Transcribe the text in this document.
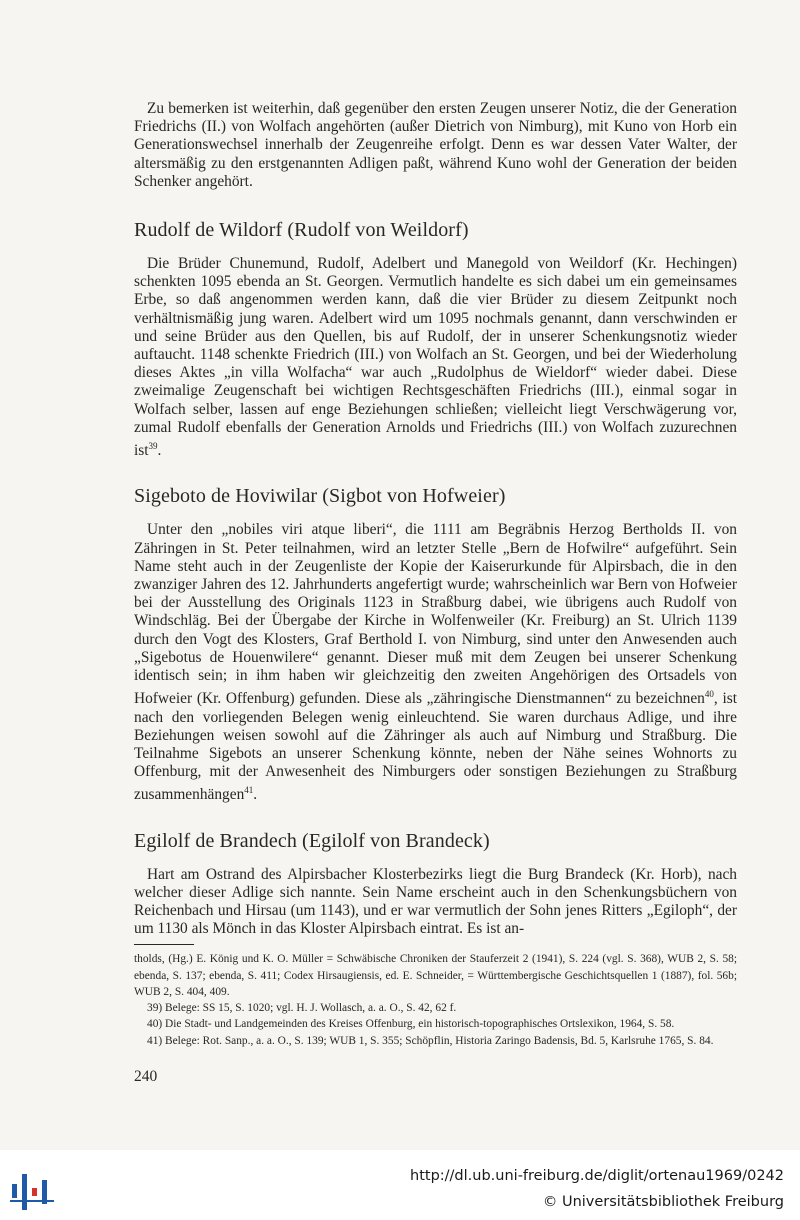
Zu bemerken ist weiterhin, daß gegenüber den ersten Zeugen unserer Notiz, die der Generation Friedrichs (II.) von Wolfach angehörten (außer Dietrich von Nimburg), mit Kuno von Horb ein Generationswechsel innerhalb der Zeugenreihe erfolgt. Denn es war dessen Vater Walter, der altersmäßig zu den erstgenannten Adligen paßt, während Kuno wohl der Generation der beiden Schenker angehört.

Rudolf de Wildorf (Rudolf von Weildorf)

Die Brüder Chunemund, Rudolf, Adelbert und Manegold von Weildorf (Kr. Hechingen) schenkten 1095 ebenda an St. Georgen. Vermutlich handelte es sich dabei um ein gemeinsames Erbe, so daß angenommen werden kann, daß die vier Brüder zu diesem Zeitpunkt noch verhältnismäßig jung waren. Adelbert wird um 1095 nochmals genannt, dann verschwinden er und seine Brüder aus den Quellen, bis auf Rudolf, der in unserer Schenkungsnotiz wieder auftaucht. 1148 schenkte Friedrich (III.) von Wolfach an St. Georgen, und bei der Wiederholung dieses Aktes „in villa Wolfacha“ war auch „Rudolphus de Wieldorf“ wieder dabei. Diese zweimalige Zeugenschaft bei wichtigen Rechtsgeschäften Friedrichs (III.), einmal sogar in Wolfach selber, lassen auf enge Beziehungen schließen; vielleicht liegt Verschwägerung vor, zumal Rudolf ebenfalls der Generation Arnolds und Friedrichs (III.) von Wolfach zuzurechnen ist$^{39}$.

Sigeboto de Hoviwilar (Sigbot von Hofweier)

Unter den „nobiles viri atque liberi“, die 1111 am Begräbnis Herzog Bertholds II. von Zähringen in St. Peter teilnahmen, wird an letzter Stelle „Bern de Hofwilre“ aufgeführt. Sein Name steht auch in der Zeugenliste der Kopie der Kaiserurkunde für Alpirsbach, die in den zwanziger Jahren des 12. Jahrhunderts angefertigt wurde; wahrscheinlich war Bern von Hofweier bei der Ausstellung des Originals 1123 in Straßburg dabei, wie übrigens auch Rudolf von Windschläg. Bei der Übergabe der Kirche in Wolfenweiler (Kr. Freiburg) an St. Ulrich 1139 durch den Vogt des Klosters, Graf Berthold I. von Nimburg, sind unter den Anwesenden auch „Sigebotus de Houenwilere“ genannt. Dieser muß mit dem Zeugen bei unserer Schenkung identisch sein; in ihm haben wir gleichzeitig den zweiten Angehörigen des Ortsadels von Hofweier (Kr. Offenburg) gefunden. Diese als „zähringische Dienstmannen“ zu bezeichnen$^{40}$, ist nach den vorliegenden Belegen wenig einleuchtend. Sie waren durchaus Adlige, und ihre Beziehungen weisen sowohl auf die Zähringer als auch auf Nimburg und Straßburg. Die Teilnahme Sigebots an unserer Schenkung könnte, neben der Nähe seines Wohnorts zu Offenburg, mit der Anwesenheit des Nimburgers oder sonstigen Beziehungen zu Straßburg zusammenhängen$^{41}$.

Egilolf de Brandech (Egilolf von Brandeck)

Hart am Ostrand des Alpirsbacher Klosterbezirks liegt die Burg Brandeck (Kr. Horb), nach welcher dieser Adlige sich nannte. Sein Name erscheint auch in den Schenkungsbüchern von Reichenbach und Hirsau (um 1143), und er war vermutlich der Sohn jenes Ritters „Egiloph“, der um 1130 als Mönch in das Kloster Alpirsbach eintrat. Es ist an-

tholds, (Hg.) E. König und K. O. Müller = Schwäbische Chroniken der Stauferzeit 2 (1941), S. 224 (vgl. S. 368), WUB 2, S. 58; ebenda, S. 137; ebenda, S. 411; Codex Hirsaugiensis, ed. E. Schneider, = Württembergische Geschichtsquellen 1 (1887), fol. 56b; WUB 2, S. 404, 409.
39) Belege: SS 15, S. 1020; vgl. H. J. Wollasch, a. a. O., S. 42, 62 f.
40) Die Stadt- und Landgemeinden des Kreises Offenburg, ein historisch-topographisches Ortslexikon, 1964, S. 58.
41) Belege: Rot. Sanp., a. a. O., S. 139; WUB 1, S. 355; Schöpflin, Historia Zaringo Badensis, Bd. 5, Karlsruhe 1765, S. 84.
240
http://dl.ub.uni-freiburg.de/diglit/ortenau1969/0242
© Universitätsbibliothek Freiburg
